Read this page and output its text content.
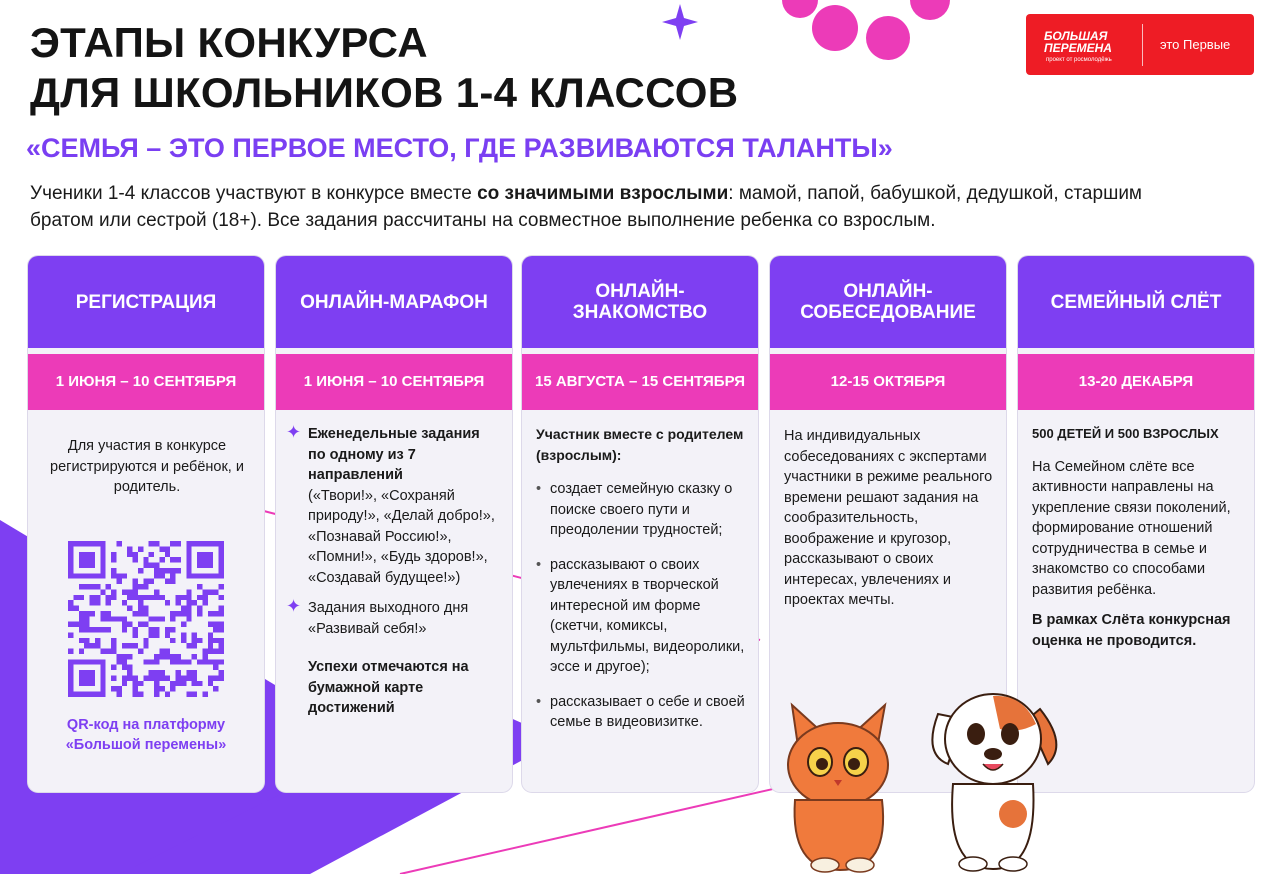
ЭТАПЫ КОНКУРСА
ДЛЯ ШКОЛЬНИКОВ 1-4 КЛАССОВ
БОЛЬШАЯ
ПЕРЕМЕНА
проект от росмолодёжь
это Первые
«СЕМЬЯ – ЭТО ПЕРВОЕ МЕСТО, ГДЕ РАЗВИВАЮТСЯ ТАЛАНТЫ»
Ученики 1-4 классов участвуют в конкурсе вместе со значимыми взрослыми: мамой, папой, бабушкой, дедушкой, старшим братом или сестрой (18+). Все задания рассчитаны на совместное выполнение ребенка со взрослым.
РЕГИСТРАЦИЯ
1 ИЮНЯ – 10 СЕНТЯБРЯ
Для участия в конкурсе регистрируются и ребёнок, и родитель.
QR-код на платформу
«Большой перемены»
ОНЛАЙН-МАРАФОН
1 ИЮНЯ – 10 СЕНТЯБРЯ
✦ Еженедельные задания по одному из 7 направлений
(«Твори!», «Сохраняй природу!», «Делай добро!», «Познавай Россию!», «Помни!», «Будь здоров!», «Создавай будущее!»)
✦ Задания выходного дня «Развивай себя!»
Успехи отмечаются на бумажной карте достижений
ОНЛАЙН-ЗНАКОМСТВО
15 АВГУСТА – 15 СЕНТЯБРЯ
Участник вместе с родителем (взрослым):
• создает семейную сказку о поиске своего пути и преодолении трудностей;
• рассказывают о своих увлечениях в творческой интересной им форме (скетчи, комиксы, мультфильмы, видеоролики, эссе и другое);
• рассказывает о себе и своей семье в видеовизитке.
ОНЛАЙН-СОБЕСЕДОВАНИЕ
12-15 ОКТЯБРЯ
На индивидуальных собеседованиях с экспертами участники в режиме реального времени решают задания на сообразительность, воображение и кругозор, рассказывают о своих интересах, увлечениях и проектах мечты.
СЕМЕЙНЫЙ СЛЁТ
13-20 ДЕКАБРЯ
500 ДЕТЕЙ И 500 ВЗРОСЛЫХ
На Семейном слёте все активности направлены на укрепление связи поколений, формирование отношений сотрудничества в семье и знакомство со способами развития ребёнка.
В рамках Слёта конкурсная оценка не проводится.
